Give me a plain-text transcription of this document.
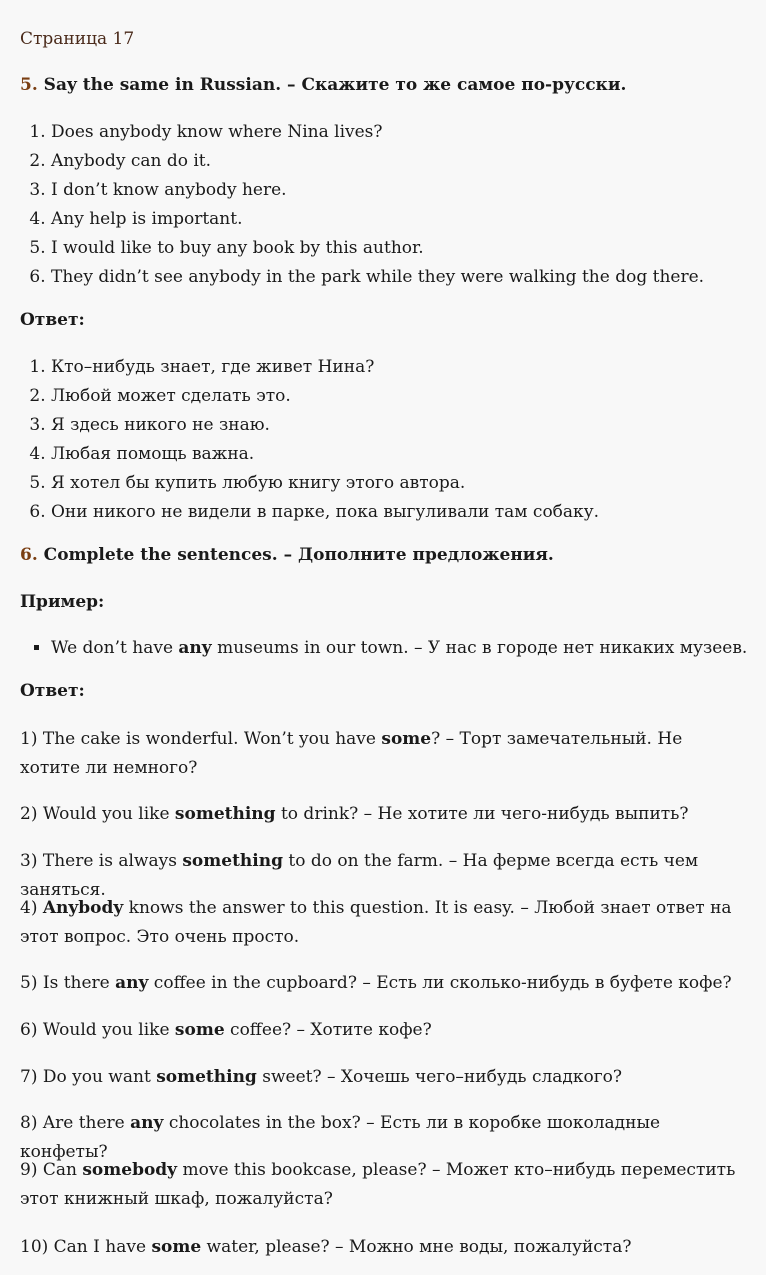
Страница 17
5. Say the same in Russian. – Скажите то же самое по-русски.
1. Does anybody know where Nina lives?
2. Anybody can do it.
3. I don’t know anybody here.
4. Any help is important.
5. I would like to buy any book by this author.
6. They didn’t see anybody in the park while they were walking the dog there.
Ответ:
1. Кто–нибудь знает, где живет Нина?
2. Любой может сделать это.
3. Я здесь никого не знаю.
4. Любая помощь важна.
5. Я хотел бы купить любую книгу этого автора.
6. Они никого не видели в парке, пока выгуливали там собаку.
6. Complete the sentences. – Дополните предложения.
Пример:
▪ We don’t have any museums in our town. – У нас в городе нет никаких музеев.
Ответ:

1) The cake is wonderful. Won’t you have some? – Торт замечательный. Не хотите ли немного?

2) Would you like something to drink? – Не хотите ли чего-нибудь выпить?

3) There is always something to do on the farm. – На ферме всегда есть чем заняться.

4) Anybody knows the answer to this question. It is easy. – Любой знает ответ на этот вопрос. Это очень просто.

5) Is there any coffee in the cupboard? – Есть ли сколько-нибудь в буфете кофе?

6) Would you like some coffee? – Хотите кофе?

7) Do you want something sweet? – Хочешь чего–нибудь сладкого?

8) Are there any chocolates in the box? – Есть ли в коробке шоколадные конфеты?

9) Can somebody move this bookcase, please? – Может кто–нибудь переместить этот книжный шкаф, пожалуйста?

10) Can I have some water, please? – Можно мне воды, пожалуйста?
